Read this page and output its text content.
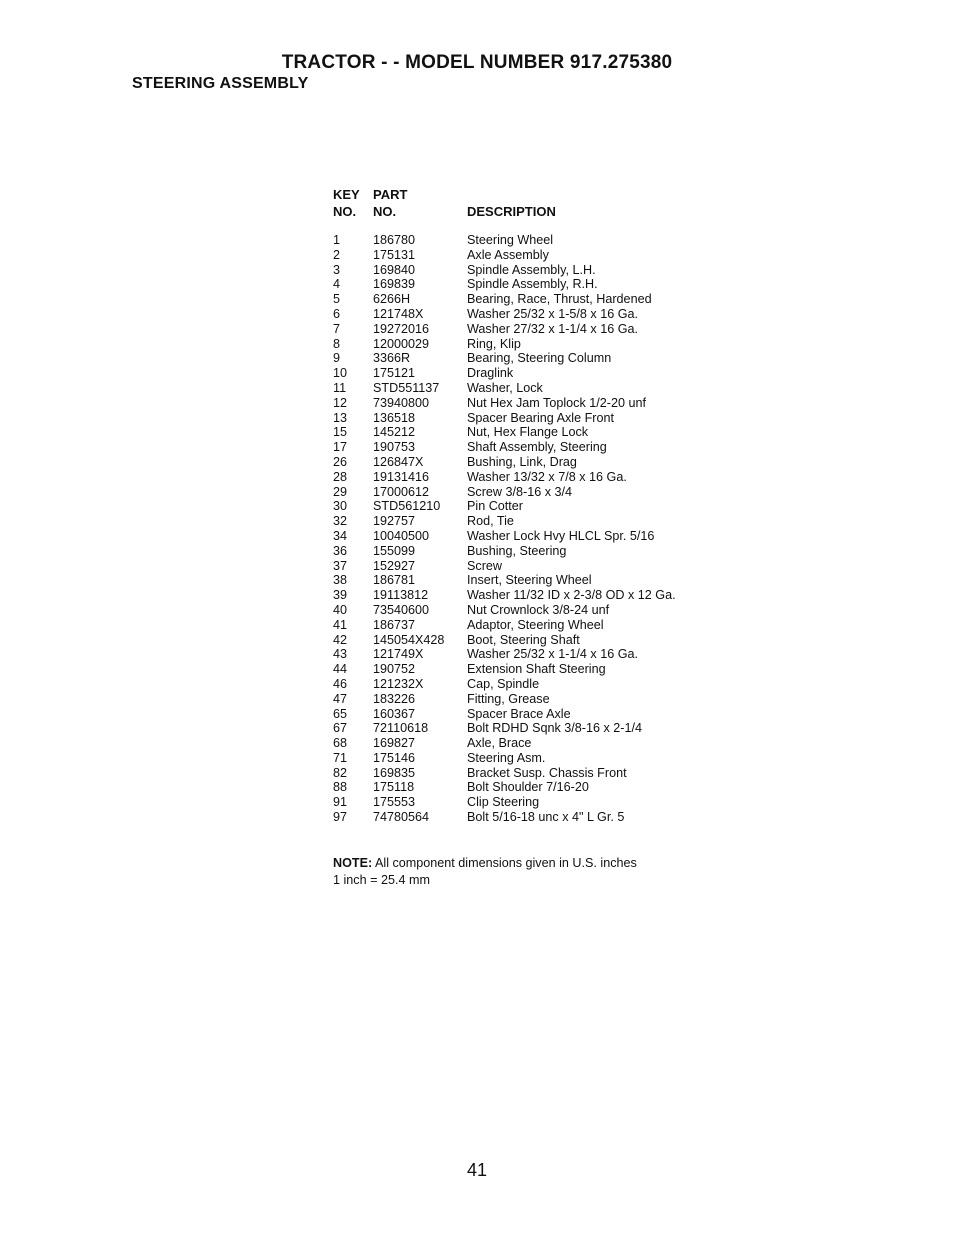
TRACTOR - - MODEL NUMBER 917.275380
STEERING ASSEMBLY
KEY PART
NO. NO.	DESCRIPTION
1	186780	Steering Wheel
2	175131	Axle Assembly
3	169840	Spindle Assembly, L.H.
4	169839	Spindle Assembly, R.H.
5	6266H	Bearing, Race, Thrust, Hardened
6	121748X	Washer 25/32 x 1-5/8 x 16 Ga.
7	19272016	Washer 27/32 x 1-1/4 x 16 Ga.
8	12000029	Ring, Klip
9	3366R	Bearing, Steering Column
10 175121	Draglink
11 STD551137 Washer, Lock
12 73940800	Nut Hex Jam Toplock 1/2-20 unf
13 136518	Spacer Bearing Axle Front
15 145212	Nut, Hex Flange Lock
17 190753	Shaft Assembly, Steering
26 126847X	Bushing, Link, Drag
28 19131416	Washer 13/32 x 7/8 x 16 Ga.
29 17000612	Screw 3/8-16 x 3/4
30 STD561210 Pin Cotter
32 192757	Rod, Tie
34 10040500	Washer Lock Hvy HLCL Spr. 5/16
36 155099	Bushing, Steering
37 152927	Screw
38 186781	Insert, Steering Wheel
39 19113812	Washer 11/32 ID x 2-3/8 OD x 12 Ga.
40 73540600	Nut Crownlock 3/8-24 unf
41 186737	Adaptor, Steering Wheel
42 145054X428 Boot, Steering Shaft
43 121749X	Washer 25/32 x 1-1/4 x 16 Ga.
44 190752	Extension Shaft Steering
46 121232X	Cap, Spindle
47 183226	Fitting, Grease
65 160367	Spacer Brace Axle
67 72110618	Bolt RDHD Sqnk 3/8-16 x 2-1/4
68 169827	Axle, Brace
71 175146	Steering Asm.
82 169835	Bracket Susp. Chassis Front
88 175118	Bolt Shoulder 7/16-20
91 175553	Clip Steering
97 74780564	Bolt 5/16-18 unc x 4" L Gr. 5
NOTE: All component dimensions given in U.S. inches
1 inch = 25.4 mm
41
